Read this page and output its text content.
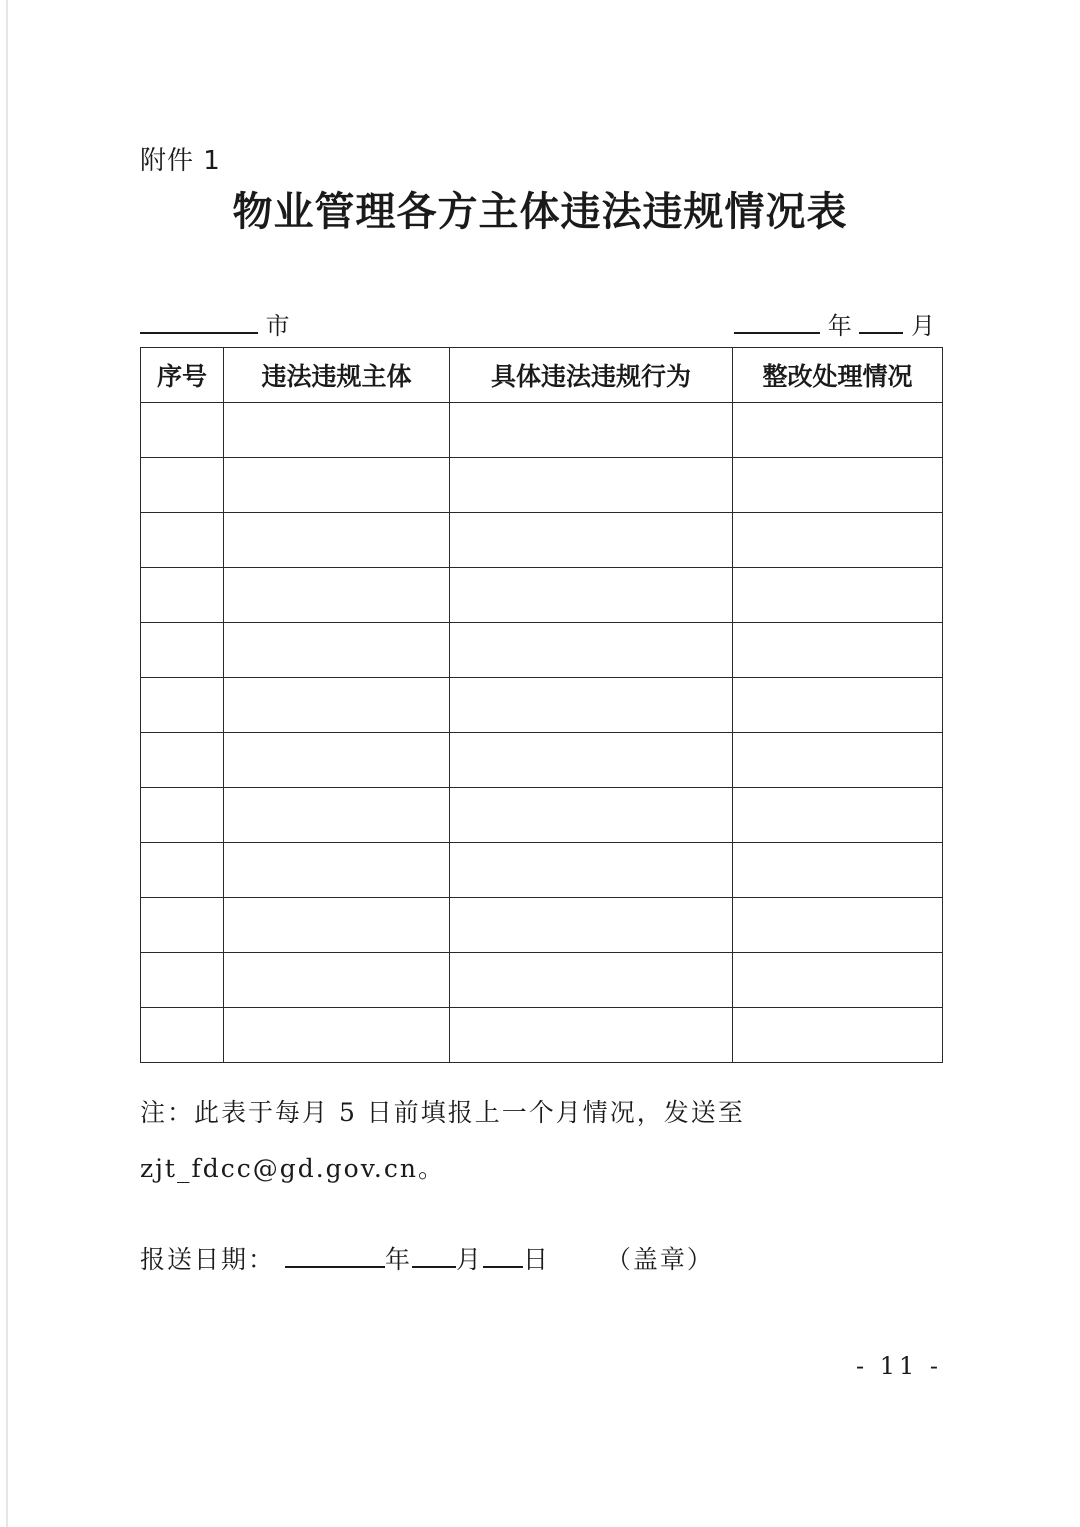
附件 1
物业管理各方主体违法违规情况表
市	年 月
序号	违法违规主体	具体违法违规行为	整改处理情况

注：此表于每月 5 日前填报上一个月情况，发送至 zjt_fdcc@gd.gov.cn。
报送日期：	年 月 日 （盖章）
- 11 -
